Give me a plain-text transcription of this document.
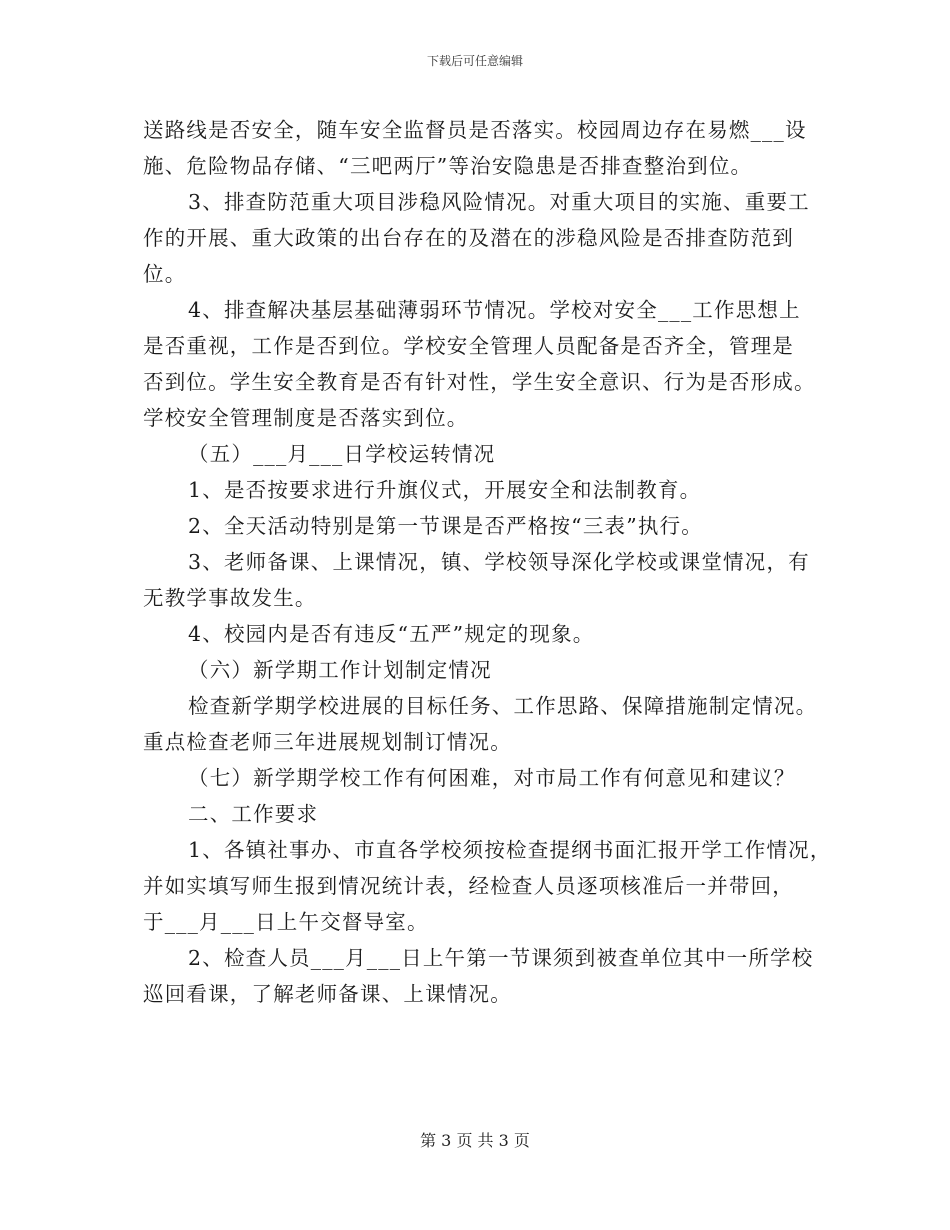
下载后可任意编辑
送路线是否安全，随车安全监督员是否落实。校园周边存在易燃___设
施、危险物品存储、“三吧两厅”等治安隐患是否排查整治到位。
3、排查防范重大项目涉稳风险情况。对重大项目的实施、重要工
作的开展、重大政策的出台存在的及潜在的涉稳风险是否排查防范到
位。
4、排查解决基层基础薄弱环节情况。学校对安全___工作思想上
是否重视，工作是否到位。学校安全管理人员配备是否齐全，管理是
否到位。学生安全教育是否有针对性，学生安全意识、行为是否形成。
学校安全管理制度是否落实到位。
（五）___月___日学校运转情况
1、是否按要求进行升旗仪式，开展安全和法制教育。
2、全天活动特别是第一节课是否严格按“三表”执行。
3、老师备课、上课情况，镇、学校领导深化学校或课堂情况，有
无教学事故发生。
4、校园内是否有违反“五严”规定的现象。
（六）新学期工作计划制定情况
检查新学期学校进展的目标任务、工作思路、保障措施制定情况。
重点检查老师三年进展规划制订情况。
（七）新学期学校工作有何困难，对市局工作有何意见和建议？
二、工作要求
1、各镇社事办、市直各学校须按检查提纲书面汇报开学工作情况，
并如实填写师生报到情况统计表，经检查人员逐项核准后一并带回，
于___月___日上午交督导室。
2、检查人员___月___日上午第一节课须到被查单位其中一所学校
巡回看课，了解老师备课、上课情况。
第 3 页 共 3 页
